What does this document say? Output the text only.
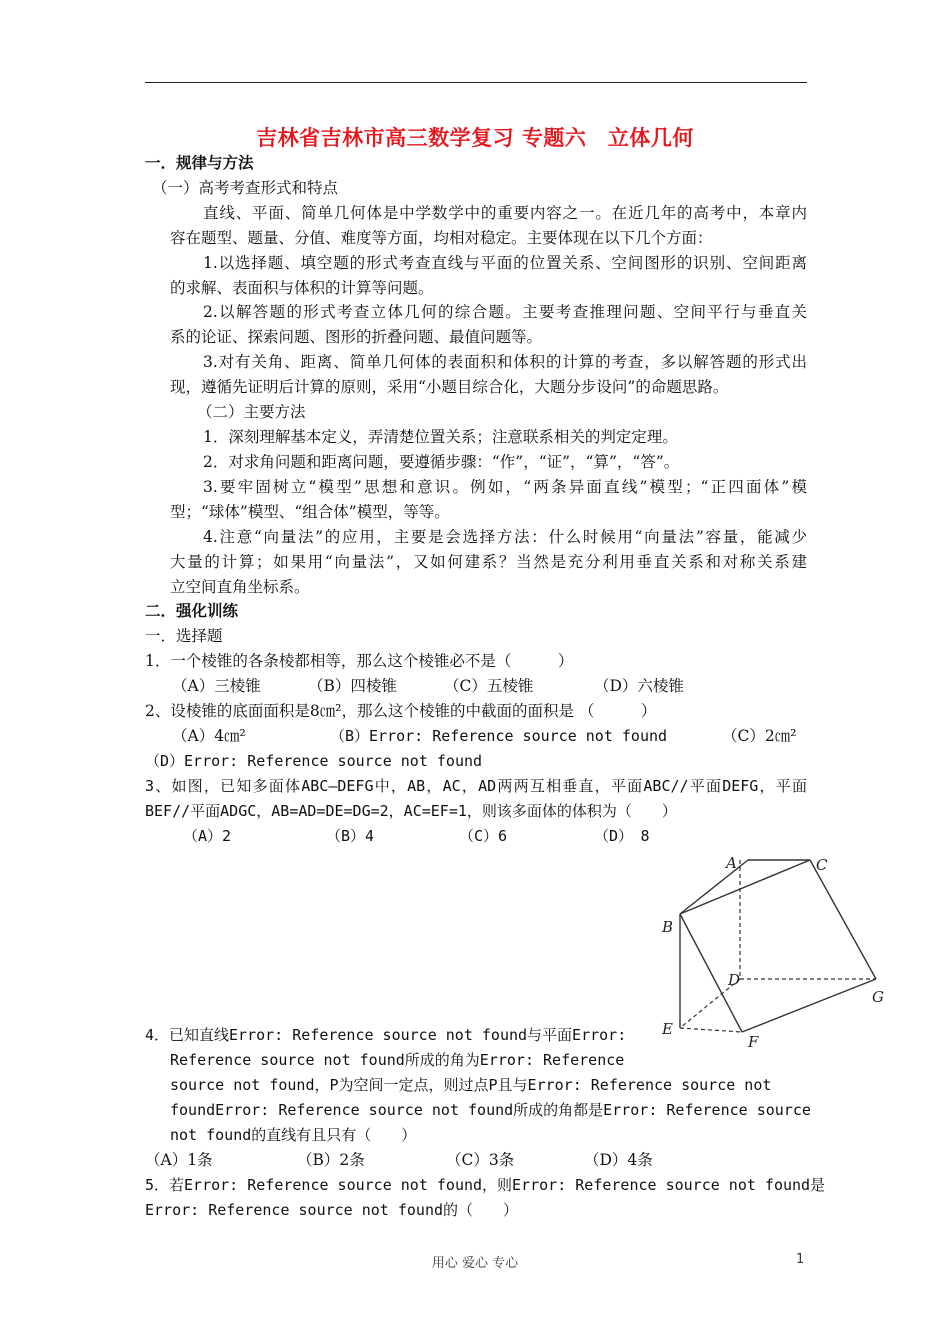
吉林省吉林市高三数学复习 专题六　立体几何
一．规律与方法
（一）高考考查形式和特点
直线、平面、简单几何体是中学数学中的重要内容之一。在近几年的高考中，本章内
容在题型、题量、分值、难度等方面，均相对稳定。主要体现在以下几个方面：
1.以选择题、填空题的形式考查直线与平面的位置关系、空间图形的识别、空间距离
的求解、表面积与体积的计算等问题。
2.以解答题的形式考查立体几何的综合题。主要考查推理问题、空间平行与垂直关
系的论证、探索问题、图形的折叠问题、最值问题等。
3.对有关角、距离、简单几何体的表面积和体积的计算的考查，多以解答题的形式出
现，遵循先证明后计算的原则，采用“小题目综合化，大题分步设问”的命题思路。
（二）主要方法
1．深刻理解基本定义，弄清楚位置关系；注意联系相关的判定定理。
2．对求角问题和距离问题，要遵循步骤：“作”，“证”，“算”，“答”。
3.要牢固树立“模型”思想和意识。例如，“两条异面直线”模型；“正四面体”模
型；“球体”模型、“组合体”模型，等等。
4.注意“向量法”的应用，主要是会选择方法：什么时候用“向量法”容量，能减少
大量的计算；如果用“向量法”，又如何建系？当然是充分利用垂直关系和对称关系建
立空间直角坐标系。
二．强化训练
一．选择题
1．一个棱锥的各条棱都相等，那么这个棱锥必不是（　　　）
（A）三棱锥	（B）四棱锥	（C）五棱锥	（D）六棱锥
2、设棱锥的底面面积是8㎝²，那么这个棱锥的中截面的面积是 （　　　）
（A）4㎝²	（B）Error: Reference source not found	（C）2㎝²
（D）Error: Reference source not found
3、如图，已知多面体ABC—DEFG中，AB，AC，AD两两互相垂直，平面ABC//平面DEFG，平面
BEF//平面ADGC，AB=AD=DE=DG=2，AC=EF=1，则该多面体的体积为（　　）
（A）2	（B）4	（C）6	（D）　8
A	C
B
D
G
E
F
4．已知直线Error: Reference source not found与平面Error:
Reference source not found所成的角为Error: Reference
source not found，P为空间一定点，则过点P且与Error: Reference source not
foundError: Reference source not found所成的角都是Error: Reference source
not found的直线有且只有（　　）
（A）1条	（B）2条	（C）3条	（D）4条
5．若Error: Reference source not found，则Error: Reference source not found是
Error: Reference source not found的（　　）
用心 爱心 专心	1
